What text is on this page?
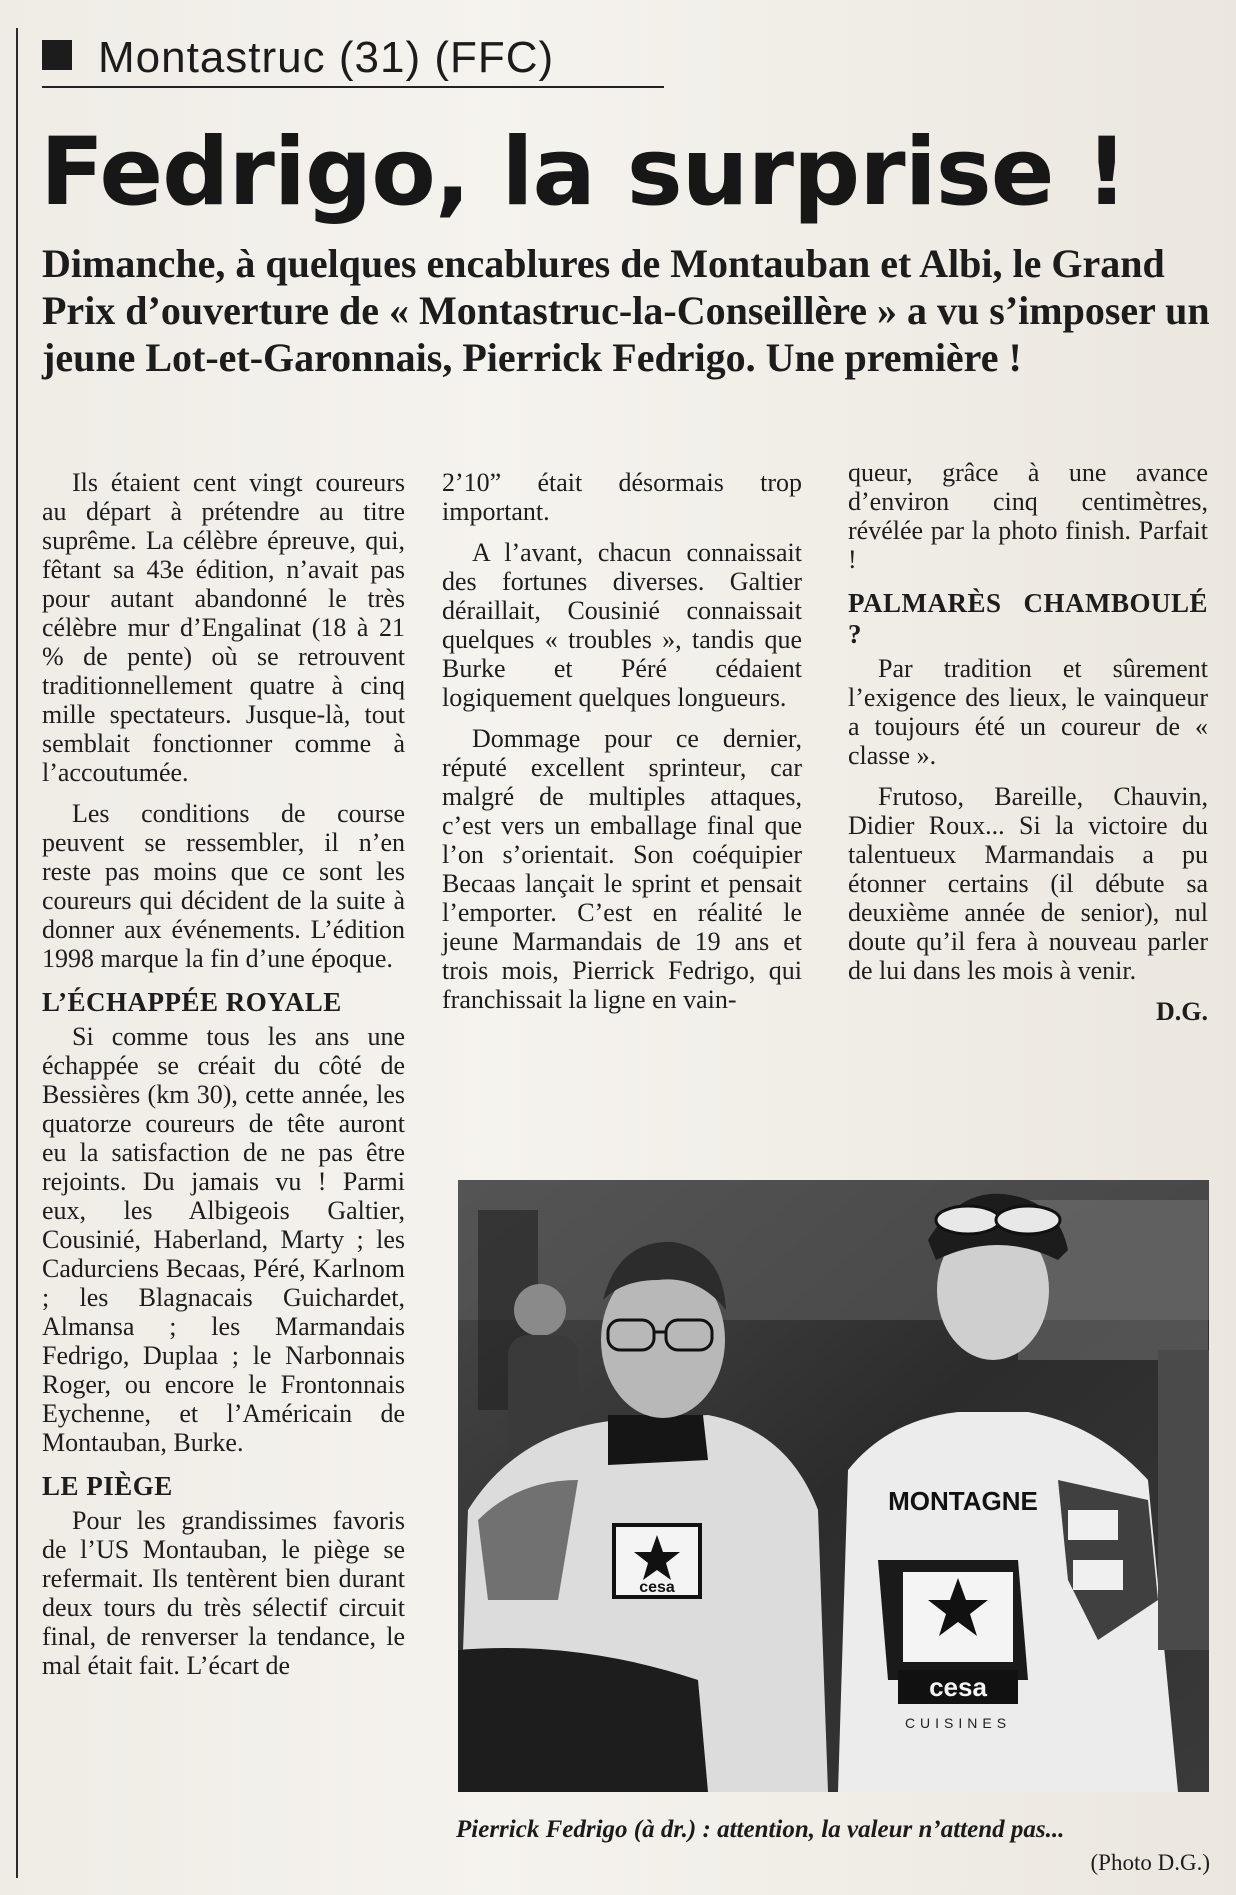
Montastruc (31) (FFC)
Fedrigo, la surprise !
Dimanche, à quelques encablures de Montauban et Albi, le Grand Prix d’ouverture de « Montastruc-la-Conseillère » a vu s’imposer un jeune Lot-et-Garonnais, Pierrick Fedrigo. Une première !

Ils étaient cent vingt coureurs au départ à prétendre au titre suprême. La célèbre épreuve, qui, fêtant sa 43e édition, n’avait pas pour autant abandonné le très célèbre mur d’Engalinat (18 à 21 % de pente) où se retrouvent traditionnellement quatre à cinq mille spectateurs. Jusque-là, tout semblait fonctionner comme à l’accoutumée.

Les conditions de course peuvent se ressembler, il n’en reste pas moins que ce sont les coureurs qui décident de la suite à donner aux événements. L’édition 1998 marque la fin d’une époque.

L’ÉCHAPPÉE ROYALE

Si comme tous les ans une échappée se créait du côté de Bessières (km 30), cette année, les quatorze coureurs de tête auront eu la satisfaction de ne pas être rejoints. Du jamais vu ! Parmi eux, les Albigeois Galtier, Cousinié, Haberland, Marty ; les Cadurciens Becaas, Péré, Karlnom ; les Blagnacais Guichardet, Almansa ; les Marmandais Fedrigo, Duplaa ; le Narbonnais Roger, ou encore le Frontonnais Eychenne, et l’Américain de Montauban, Burke.

LE PIÈGE

Pour les grandissimes favoris de l’US Montauban, le piège se refermait. Ils tentèrent bien durant deux tours du très sélectif circuit final, de renverser la tendance, le mal était fait. L’écart de

2’10” était désormais trop important.

A l’avant, chacun connaissait des fortunes diverses. Galtier déraillait, Cousinié connaissait quelques « troubles », tandis que Burke et Péré cédaient logiquement quelques longueurs.

Dommage pour ce dernier, réputé excellent sprinteur, car malgré de multiples attaques, c’est vers un emballage final que l’on s’orientait. Son coéquipier Becaas lançait le sprint et pensait l’emporter. C’est en réalité le jeune Marmandais de 19 ans et trois mois, Pierrick Fedrigo, qui franchissait la ligne en vain-

queur, grâce à une avance d’environ cinq centimètres, révélée par la photo finish. Parfait !

PALMARÈS CHAMBOULÉ ?

Par tradition et sûrement l’exigence des lieux, le vainqueur a toujours été un coureur de « classe ».

Frutoso, Bareille, Chauvin, Didier Roux... Si la victoire du talentueux Marmandais a pu étonner certains (il débute sa deuxième année de senior), nul doute qu’il fera à nouveau parler de lui dans les mois à venir.

D.G.
cesa
MONTAGNE
cesa
CUISINES
Pierrick Fedrigo (à dr.) : attention, la valeur n’attend pas...
(Photo D.G.)
